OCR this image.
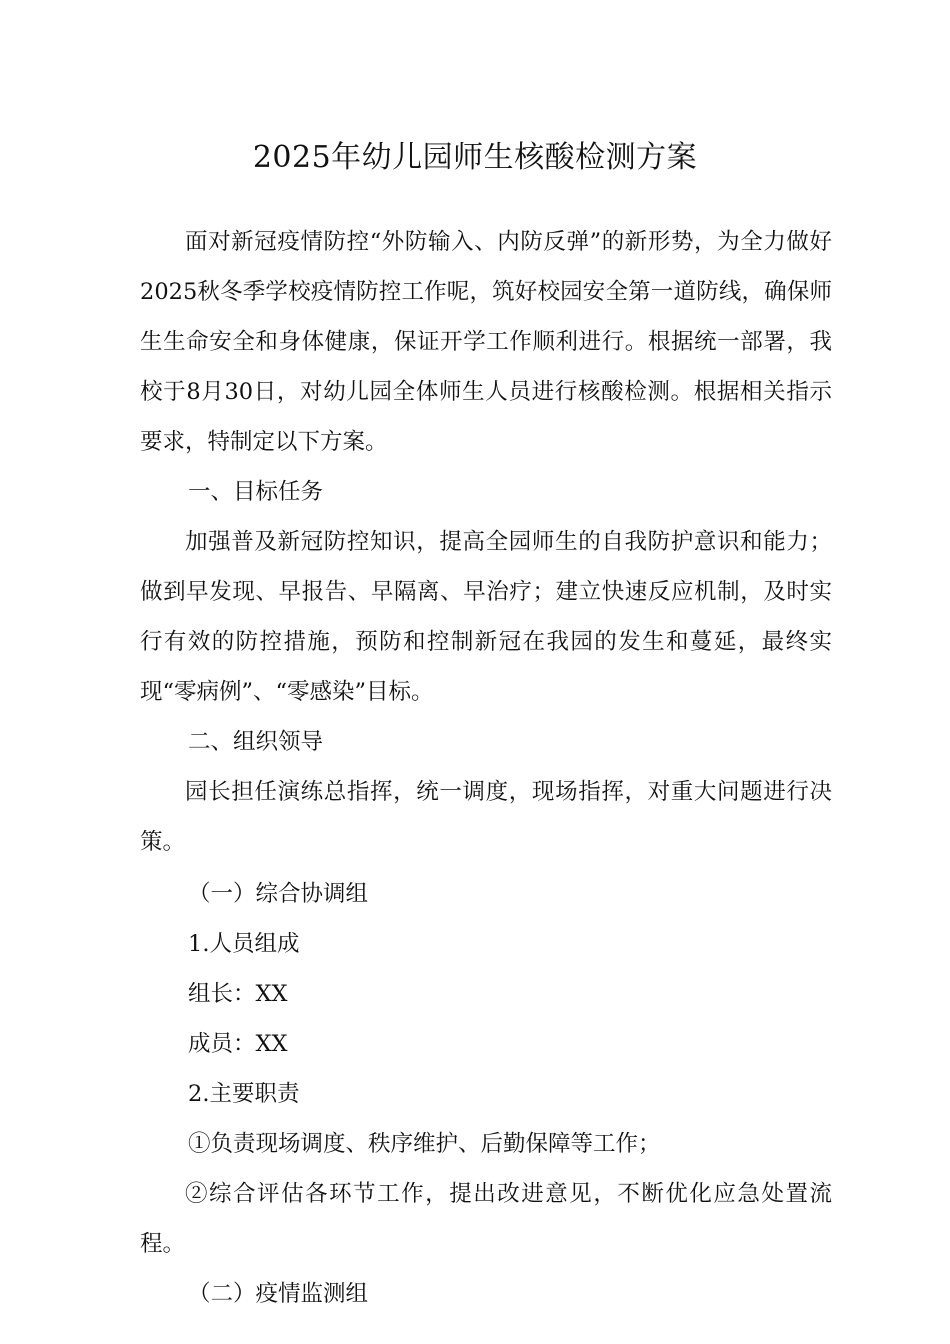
2025年幼儿园师生核酸检测方案

面对新冠疫情防控“外防输入、内防反弹”的新形势，为全力做好2025秋冬季学校疫情防控工作呢，筑好校园安全第一道防线，确保师生生命安全和身体健康，保证开学工作顺利进行。根据统一部署，我校于8月30日，对幼儿园全体师生人员进行核酸检测。根据相关指示要求，特制定以下方案。

一、目标任务

加强普及新冠防控知识，提高全园师生的自我防护意识和能力；做到早发现、早报告、早隔离、早治疗；建立快速反应机制，及时实行有效的防控措施，预防和控制新冠在我园的发生和蔓延，最终实现“零病例”、“零感染”目标。

二、组织领导

园长担任演练总指挥，统一调度，现场指挥，对重大问题进行决策。

（一）综合协调组

1.人员组成

组长：XX

成员：XX

2.主要职责

①负责现场调度、秩序维护、后勤保障等工作；

②综合评估各环节工作，提出改进意见，不断优化应急处置流程。

（二）疫情监测组
